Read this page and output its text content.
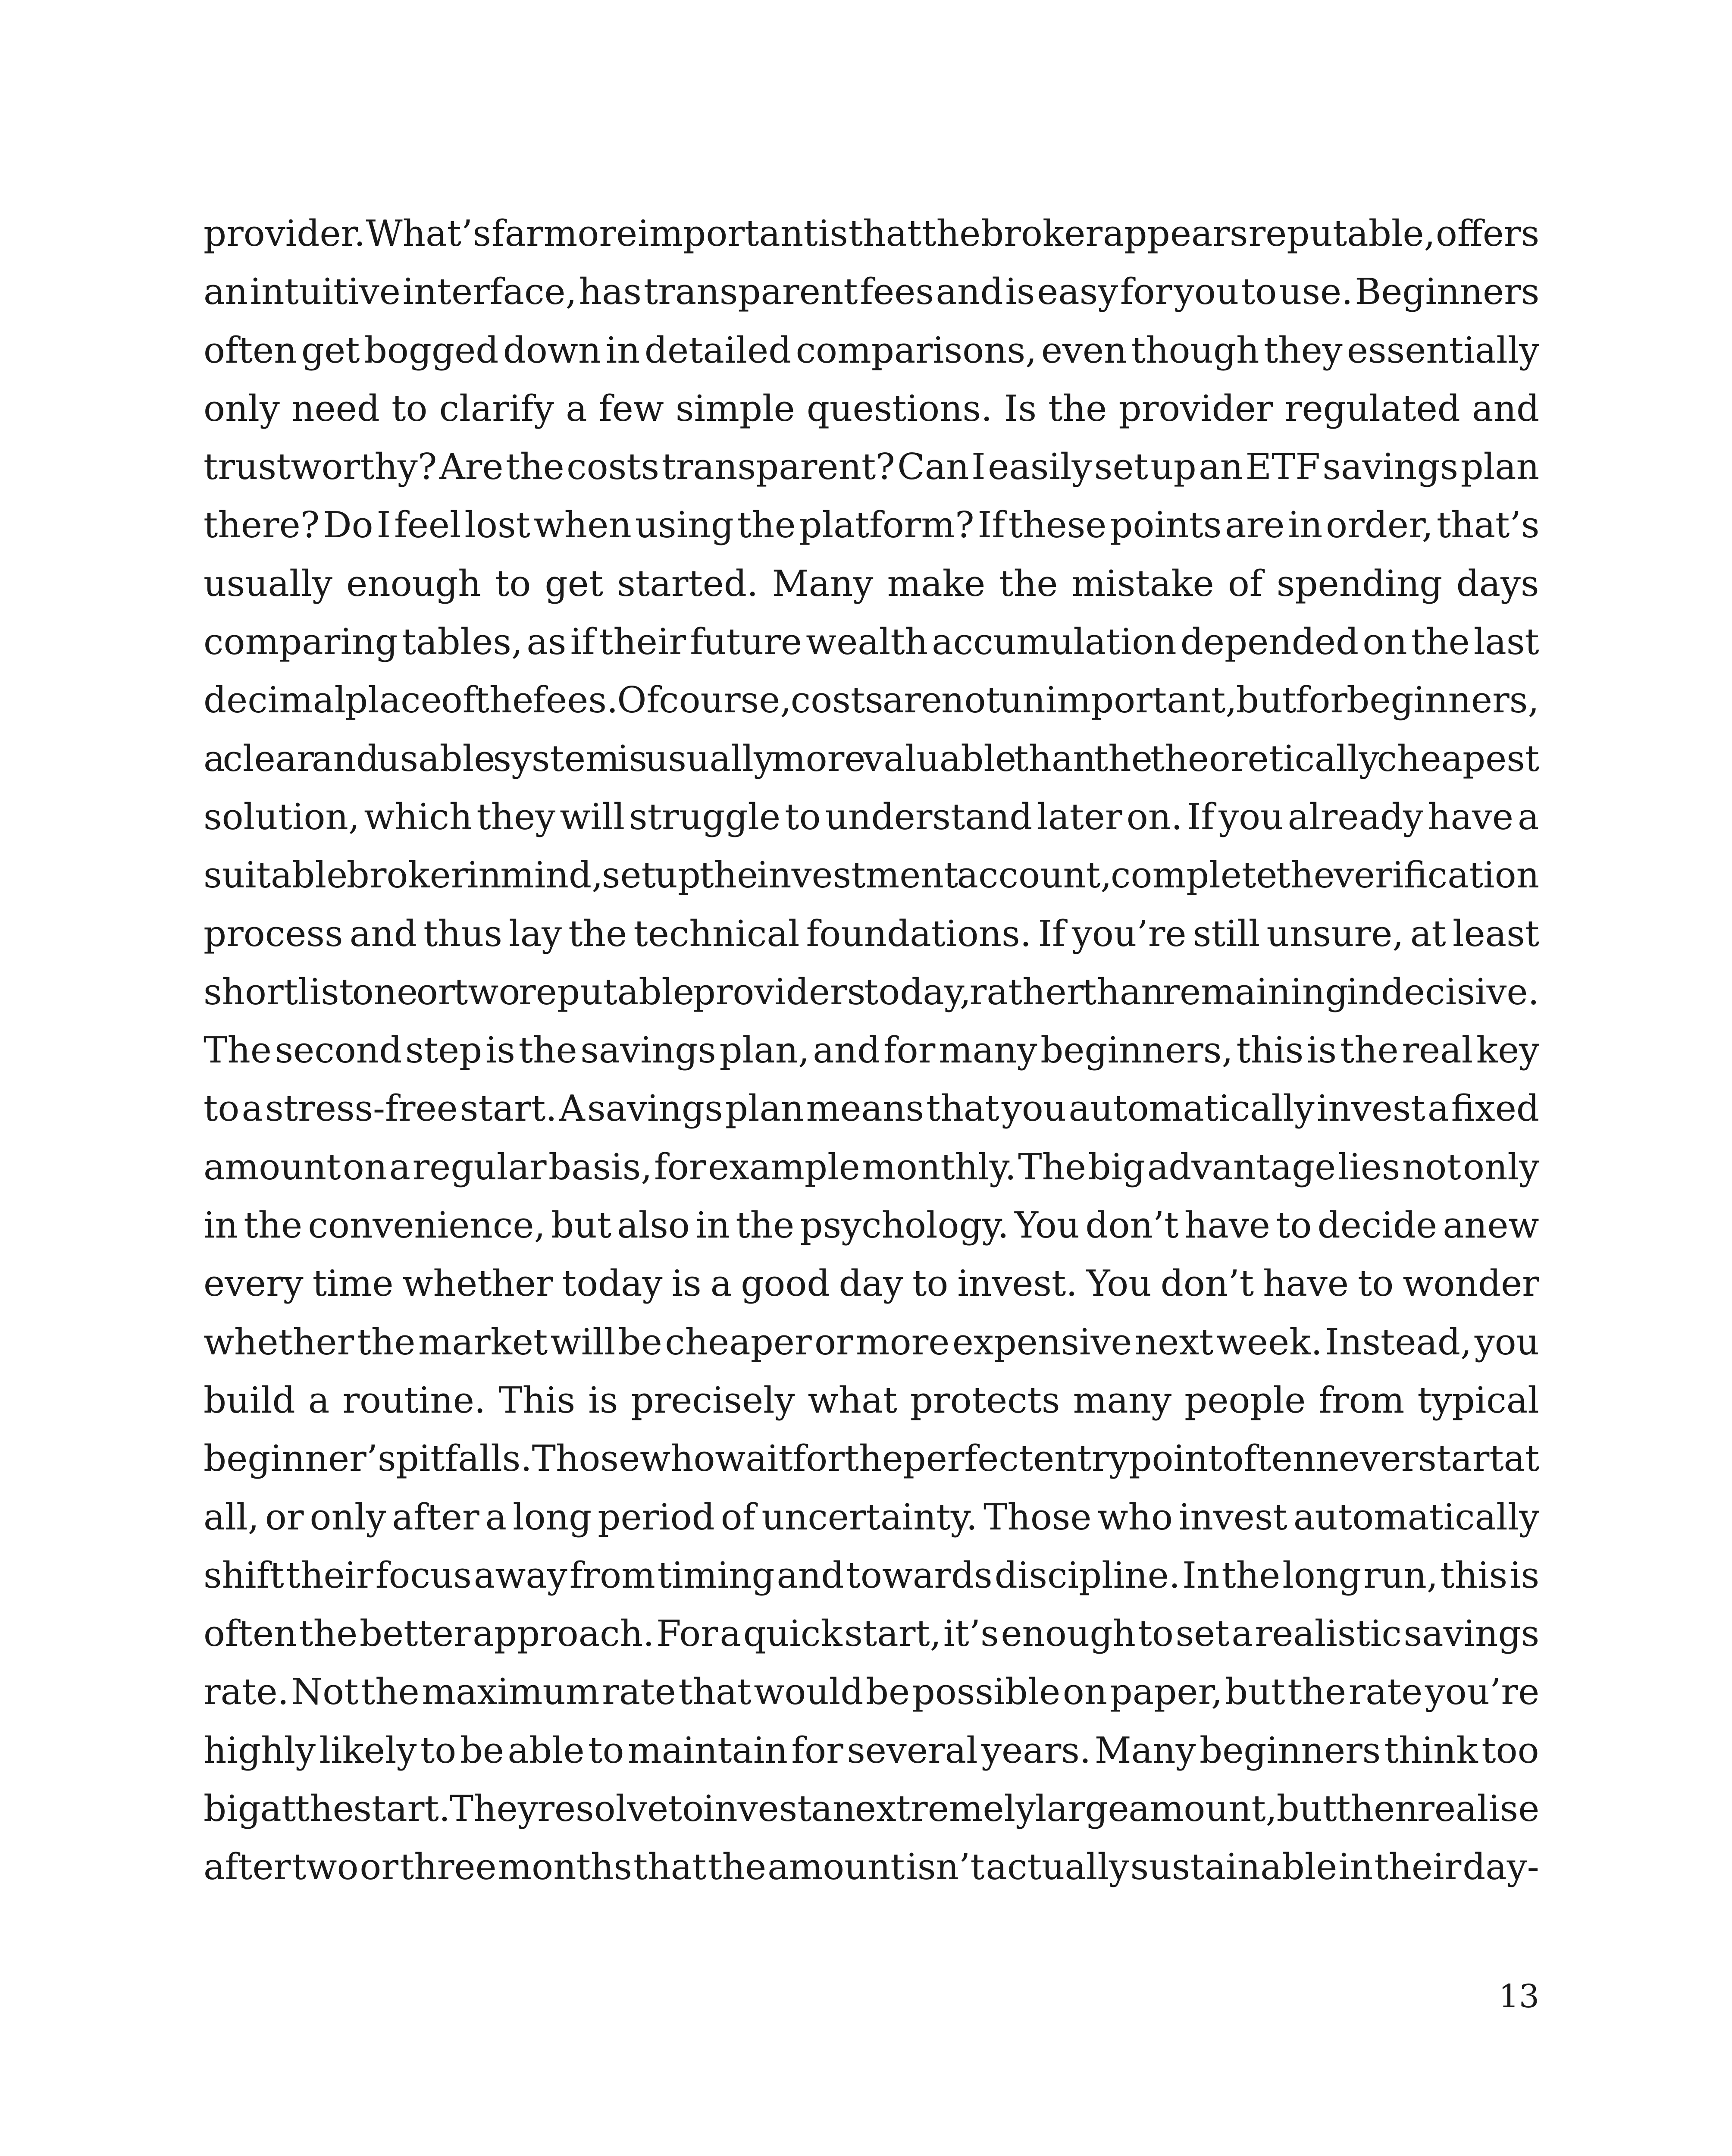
provider. What’s far more important is that the broker appears reputable, offers
an intuitive interface, has transparent fees and is easy for you to use. Beginners
often get bogged down in detailed comparisons, even though they essentially
only need to clarify a few simple questions. Is the provider regulated and
trustworthy? Are the costs transparent? Can I easily set up an ETF savings plan
there? Do I feel lost when using the platform? If these points are in order, that’s
usually enough to get started. Many make the mistake of spending days
comparing tables, as if their future wealth accumulation depended on the last
decimal place of the fees. Of course, costs are not unimportant, but for beginners,
a clear and usable system is usually more valuable than the theoretically cheapest
solution, which they will struggle to understand later on. If you already have a
suitable broker in mind, set up the investment account, complete the verification
process and thus lay the technical foundations. If you’re still unsure, at least
shortlist one or two reputable providers today, rather than remaining indecisive.
The second step is the savings plan, and for many beginners, this is the real key
to a stress-free start. A savings plan means that you automatically invest a fixed
amount on a regular basis, for example monthly. The big advantage lies not only
in the convenience, but also in the psychology. You don’t have to decide anew
every time whether today is a good day to invest. You don’t have to wonder
whether the market will be cheaper or more expensive next week. Instead, you
build a routine. This is precisely what protects many people from typical
beginner’s pitfalls. Those who wait for the perfect entry point often never start at
all, or only after a long period of uncertainty. Those who invest automatically
shift their focus away from timing and towards discipline. In the long run, this is
often the better approach. For a quick start, it’s enough to set a realistic savings
rate. Not the maximum rate that would be possible on paper, but the rate you’re
highly likely to be able to maintain for several years. Many beginners think too
big at the start. They resolve to invest an extremely large amount, but then realise
after two or three months that the amount isn’t actually sustainable in their day-
13
